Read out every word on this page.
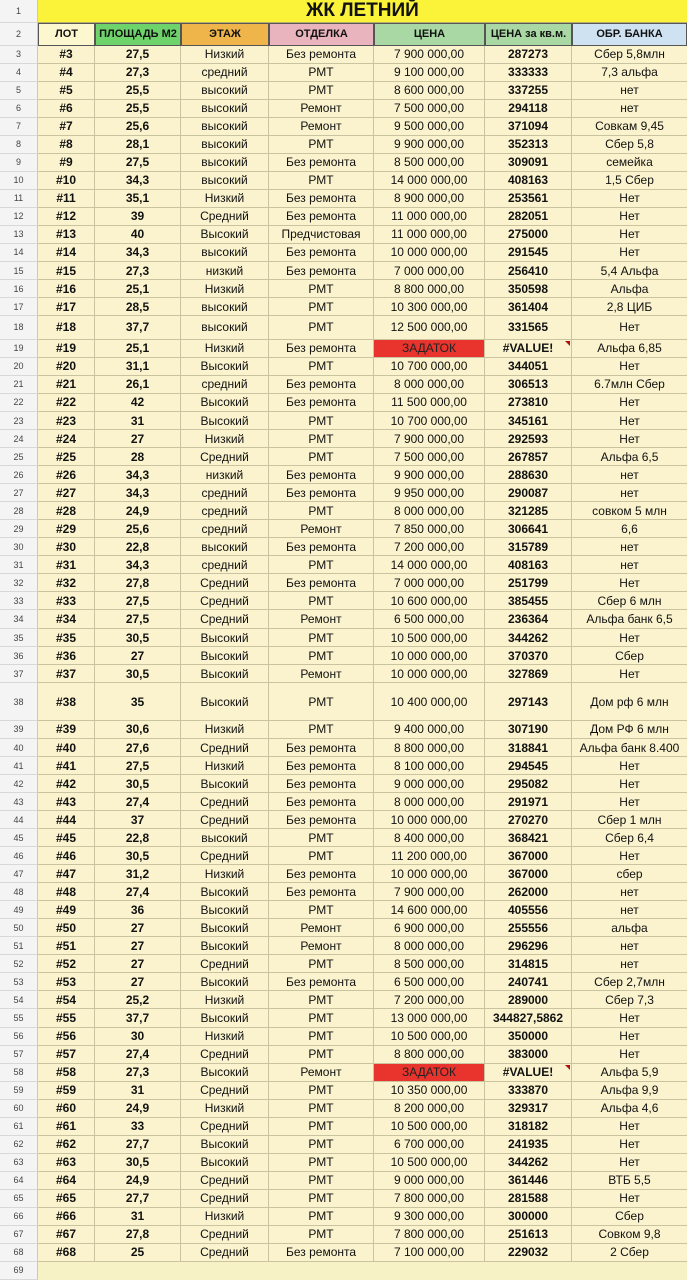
1
2
3
4
5
6
7
8
9
10
11
12
13
14
15
16
17
18
19
20
21
22
23
24
25
26
27
28
29
30
31
32
33
34
35
36
37
38
39
40
41
42
43
44
45
46
47
48
49
50
51
52
53
54
55
56
57
58
59
60
61
62
63
64
65
66
67
68
69
ЖК ЛЕТНИЙ
ЛОТ	ПЛОЩАДЬ М2	ЭТАЖ	ОТДЕЛКА	ЦЕНА	ЦЕНА за кв.м.	ОБР. БАНКА
#3	27,5	Низкий	Без ремонта	7 900 000,00	287273	Сбер 5,8млн
#4	27,3	средний	РМТ	9 100 000,00	333333	7,3 альфа
#5	25,5	высокий	РМТ	8 600 000,00	337255	нет
#6	25,5	высокий	Ремонт	7 500 000,00	294118	нет
#7	25,6	высокий	Ремонт	9 500 000,00	371094	Совкам 9,45
#8	28,1	высокий	РМТ	9 900 000,00	352313	Сбер 5,8
#9	27,5	высокий	Без ремонта	8 500 000,00	309091	семейка
#10	34,3	высокий	РМТ	14 000 000,00	408163	1,5 Сбер
#11	35,1	Низкий	Без ремонта	8 900 000,00	253561	Нет
#12	39	Средний	Без ремонта	11 000 000,00	282051	Нет
#13	40	Высокий	Предчистовая	11 000 000,00	275000	Нет
#14	34,3	высокий	Без ремонта	10 000 000,00	291545	Нет
#15	27,3	низкий	Без ремонта	7 000 000,00	256410	5,4 Альфа
#16	25,1	Низкий	РМТ	8 800 000,00	350598	Альфа
#17	28,5	высокий	РМТ	10 300 000,00	361404	2,8 ЦИБ
#18	37,7	высокий	РМТ	12 500 000,00	331565	Нет
#19	25,1	Низкий	Без ремонта	ЗАДАТОК	#VALUE!	Альфа 6,85
#20	31,1	Высокий	РМТ	10 700 000,00	344051	Нет
#21	26,1	средний	Без ремонта	8 000 000,00	306513	6.7млн Сбер
#22	42	Высокий	Без ремонта	11 500 000,00	273810	Нет
#23	31	Высокий	РМТ	10 700 000,00	345161	Нет
#24	27	Низкий	РМТ	7 900 000,00	292593	Нет
#25	28	Средний	РМТ	7 500 000,00	267857	Альфа 6,5
#26	34,3	низкий	Без ремонта	9 900 000,00	288630	нет
#27	34,3	средний	Без ремонта	9 950 000,00	290087	нет
#28	24,9	средний	РМТ	8 000 000,00	321285	совком 5 млн
#29	25,6	средний	Ремонт	7 850 000,00	306641	6,6
#30	22,8	высокий	Без ремонта	7 200 000,00	315789	нет
#31	34,3	средний	РМТ	14 000 000,00	408163	нет
#32	27,8	Средний	Без ремонта	7 000 000,00	251799	Нет
#33	27,5	Средний	РМТ	10 600 000,00	385455	Сбер 6 млн
#34	27,5	Средний	Ремонт	6 500 000,00	236364	Альфа банк 6,5
#35	30,5	Высокий	РМТ	10 500 000,00	344262	Нет
#36	27	Высокий	РМТ	10 000 000,00	370370	Сбер
#37	30,5	Высокий	Ремонт	10 000 000,00	327869	Нет
#38	35	Высокий	РМТ	10 400 000,00	297143	Дом рф 6 млн
#39	30,6	Низкий	РМТ	9 400 000,00	307190	Дом РФ 6 млн
#40	27,6	Средний	Без ремонта	8 800 000,00	318841	Альфа банк 8.400
#41	27,5	Низкий	Без ремонта	8 100 000,00	294545	Нет
#42	30,5	Высокий	Без ремонта	9 000 000,00	295082	Нет
#43	27,4	Средний	Без ремонта	8 000 000,00	291971	Нет
#44	37	Средний	Без ремонта	10 000 000,00	270270	Сбер 1 млн
#45	22,8	высокий	РМТ	8 400 000,00	368421	Сбер 6,4
#46	30,5	Средний	РМТ	11 200 000,00	367000	Нет
#47	31,2	Низкий	Без ремонта	10 000 000,00	367000	сбер
#48	27,4	Высокий	Без ремонта	7 900 000,00	262000	нет
#49	36	Высокий	РМТ	14 600 000,00	405556	нет
#50	27	Высокий	Ремонт	6 900 000,00	255556	альфа
#51	27	Высокий	Ремонт	8 000 000,00	296296	нет
#52	27	Средний	РМТ	8 500 000,00	314815	нет
#53	27	Высокий	Без ремонта	6 500 000,00	240741	Сбер 2,7млн
#54	25,2	Низкий	РМТ	7 200 000,00	289000	Сбер 7,3
#55	37,7	Высокий	РМТ	13 000 000,00	344827,5862	Нет
#56	30	Низкий	РМТ	10 500 000,00	350000	Нет
#57	27,4	Средний	РМТ	8 800 000,00	383000	Нет
#58	27,3	Высокий	Ремонт	ЗАДАТОК	#VALUE!	Альфа 5,9
#59	31	Средний	РМТ	10 350 000,00	333870	Альфа 9,9
#60	24,9	Низкий	РМТ	8 200 000,00	329317	Альфа 4,6
#61	33	Средний	РМТ	10 500 000,00	318182	Нет
#62	27,7	Высокий	РМТ	6 700 000,00	241935	Нет
#63	30,5	Высокий	РМТ	10 500 000,00	344262	Нет
#64	24,9	Средний	РМТ	9 000 000,00	361446	ВТБ 5,5
#65	27,7	Средний	РМТ	7 800 000,00	281588	Нет
#66	31	Низкий	РМТ	9 300 000,00	300000	Сбер
#67	27,8	Средний	РМТ	7 800 000,00	251613	Совком 9,8
#68	25	Средний	Без ремонта	7 100 000,00	229032	2 Сбер
